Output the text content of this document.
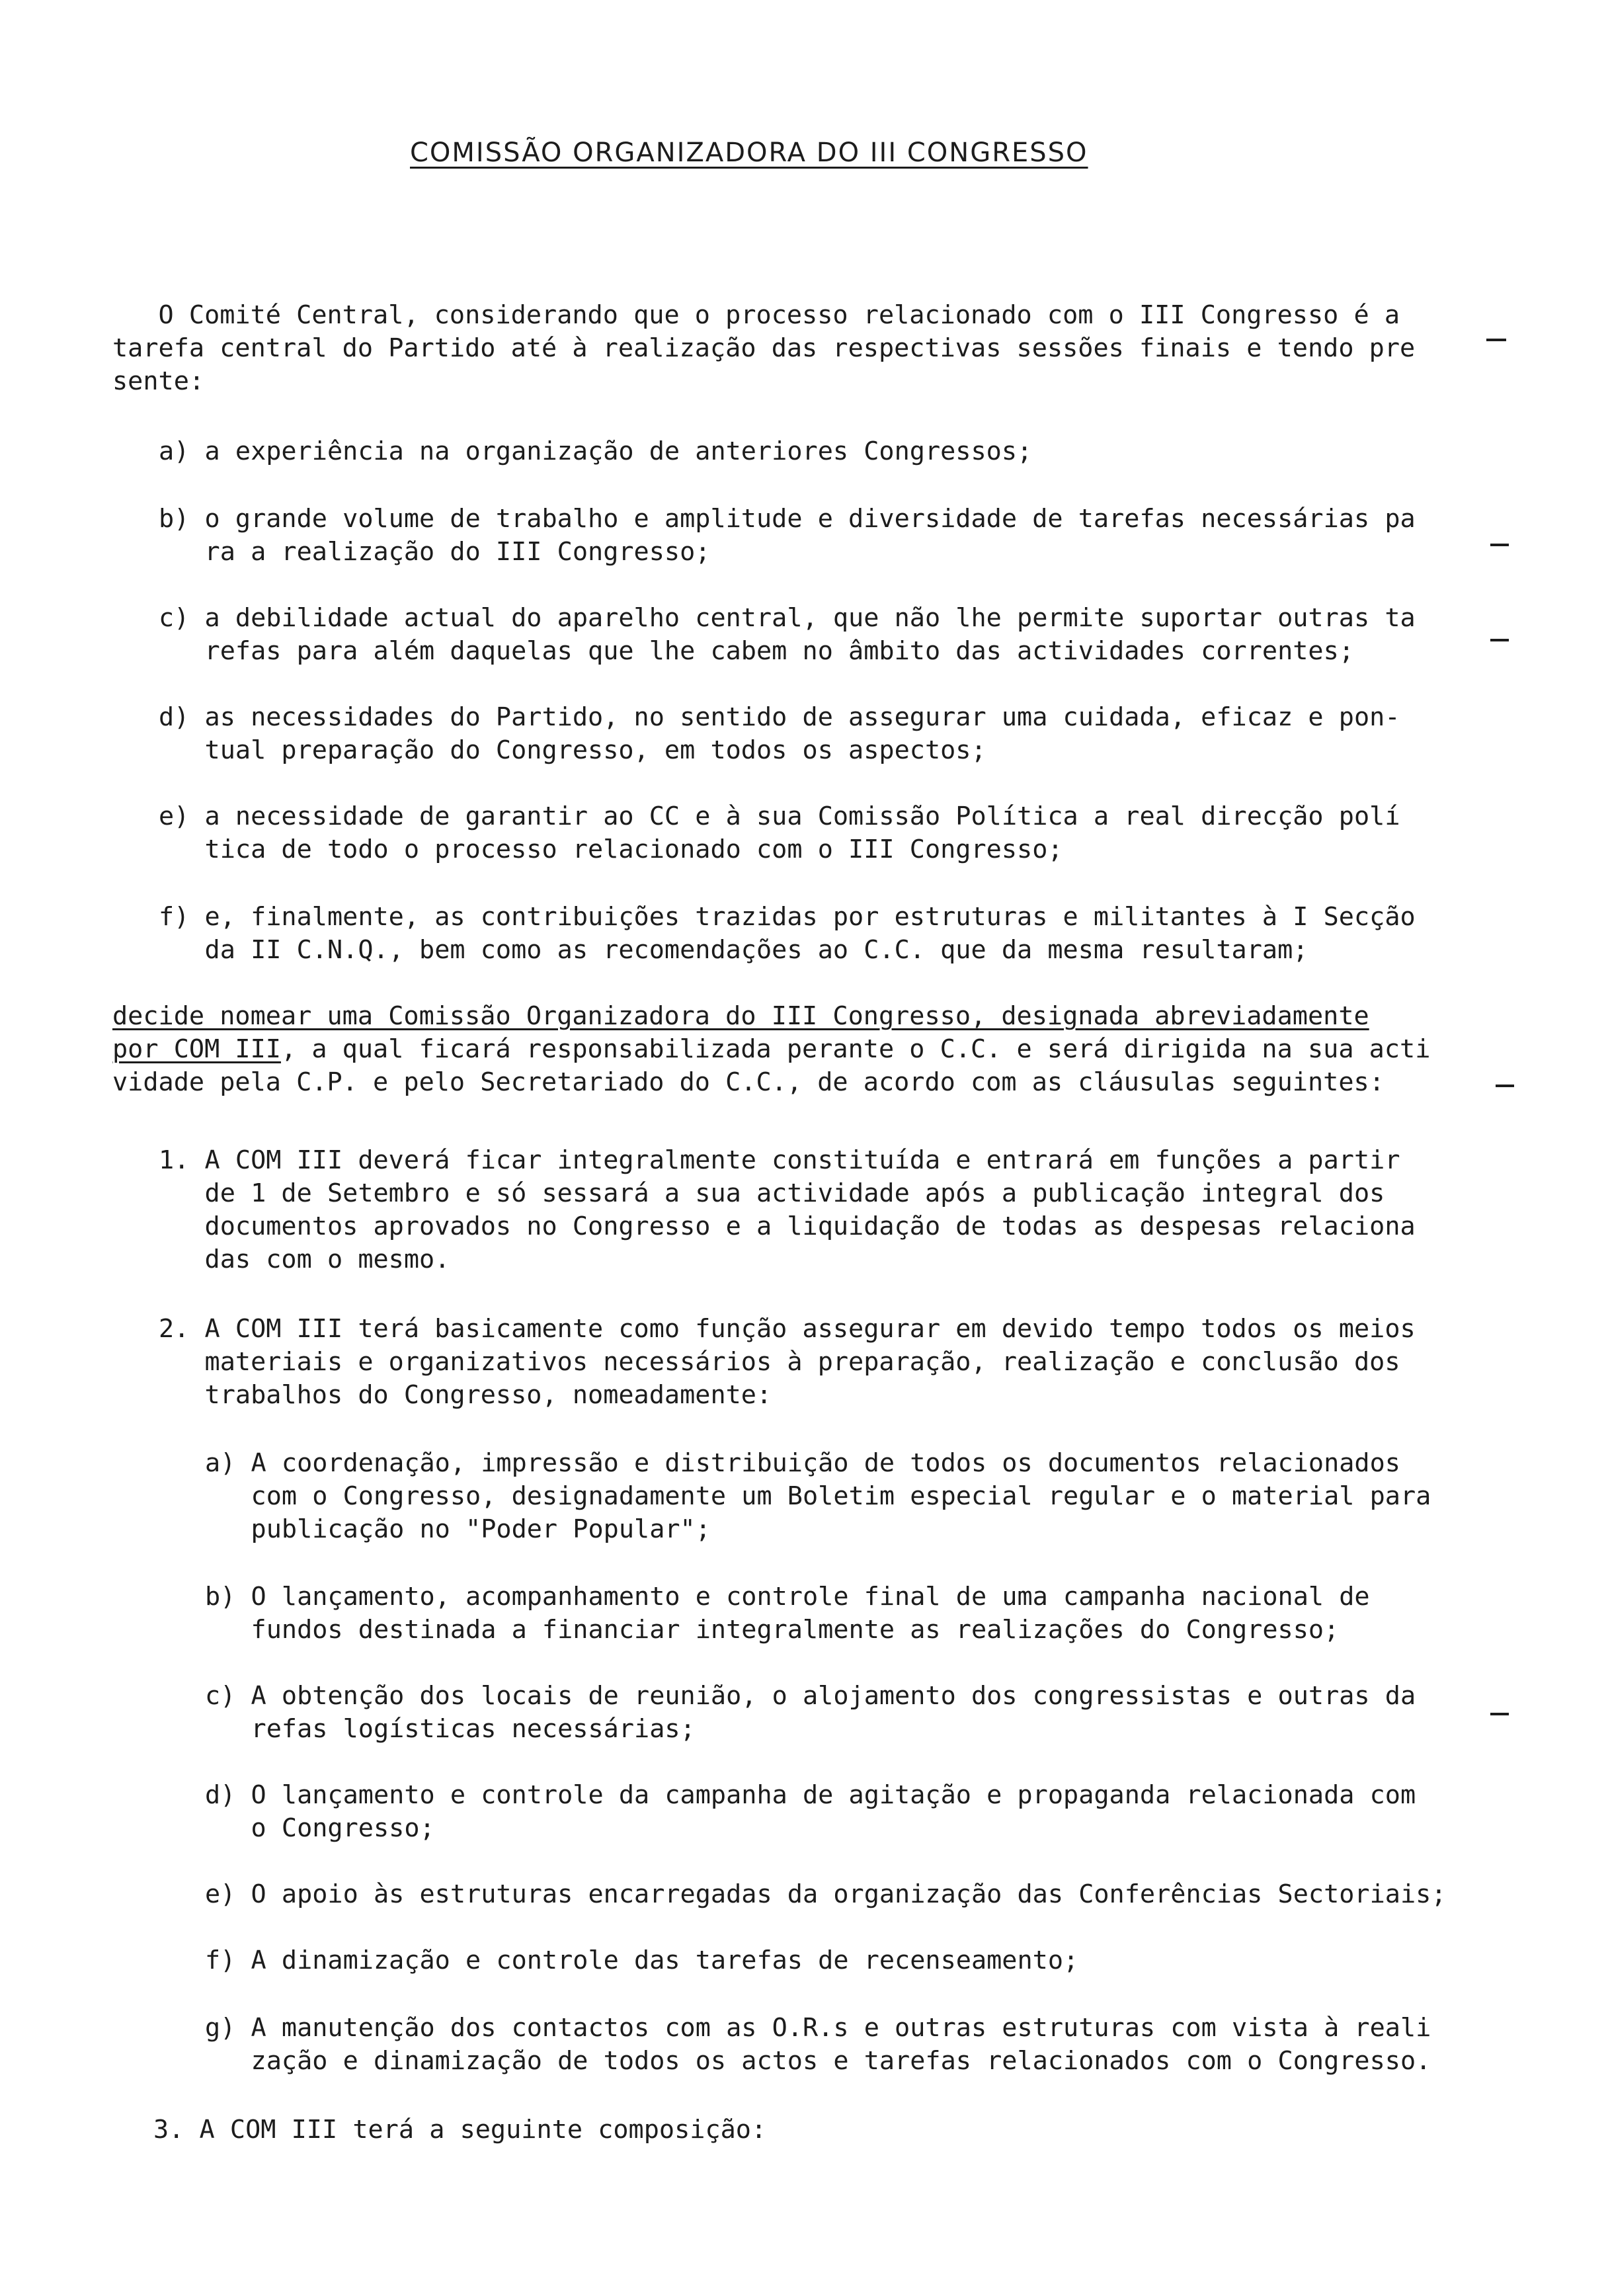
COMISSÃO ORGANIZADORA DO III CONGRESSO
O Comité Central, considerando que o processo relacionado com o III Congresso é a
tarefa central do Partido até à realização das respectivas sessões finais e tendo pre
sente:
a) a experiência na organização de anteriores Congressos;
b) o grande volume de trabalho e amplitude e diversidade de tarefas necessárias pa
ra a realização do III Congresso;
c) a debilidade actual do aparelho central, que não lhe permite suportar outras ta
refas para além daquelas que lhe cabem no âmbito das actividades correntes;
d) as necessidades do Partido, no sentido de assegurar uma cuidada, eficaz e pon-
tual preparação do Congresso, em todos os aspectos;
e) a necessidade de garantir ao CC e à sua Comissão Política a real direcção polí
tica de todo o processo relacionado com o III Congresso;
f) e, finalmente, as contribuições trazidas por estruturas e militantes à I Secção
da II C.N.Q., bem como as recomendações ao C.C. que da mesma resultaram;
decide nomear uma Comissão Organizadora do III Congresso, designada abreviadamente
por COM III, a qual ficará responsabilizada perante o C.C. e será dirigida na sua acti
vidade pela C.P. e pelo Secretariado do C.C., de acordo com as cláusulas seguintes:
1. A COM III deverá ficar integralmente constituída e entrará em funções a partir
de 1 de Setembro e só sessará a sua actividade após a publicação integral dos
documentos aprovados no Congresso e a liquidação de todas as despesas relaciona
das com o mesmo.
2. A COM III terá basicamente como função assegurar em devido tempo todos os meios
materiais e organizativos necessários à preparação, realização e conclusão dos
trabalhos do Congresso, nomeadamente:
a) A coordenação, impressão e distribuição de todos os documentos relacionados
com o Congresso, designadamente um Boletim especial regular e o material para
publicação no "Poder Popular";
b) O lançamento, acompanhamento e controle final de uma campanha nacional de
fundos destinada a financiar integralmente as realizações do Congresso;
c) A obtenção dos locais de reunião, o alojamento dos congressistas e outras da
refas logísticas necessárias;
d) O lançamento e controle da campanha de agitação e propaganda relacionada com
o Congresso;
e) O apoio às estruturas encarregadas da organização das Conferências Sectoriais;
f) A dinamização e controle das tarefas de recenseamento;
g) A manutenção dos contactos com as O.R.s e outras estruturas com vista à reali
zação e dinamização de todos os actos e tarefas relacionados com o Congresso.
3. A COM III terá a seguinte composição:
